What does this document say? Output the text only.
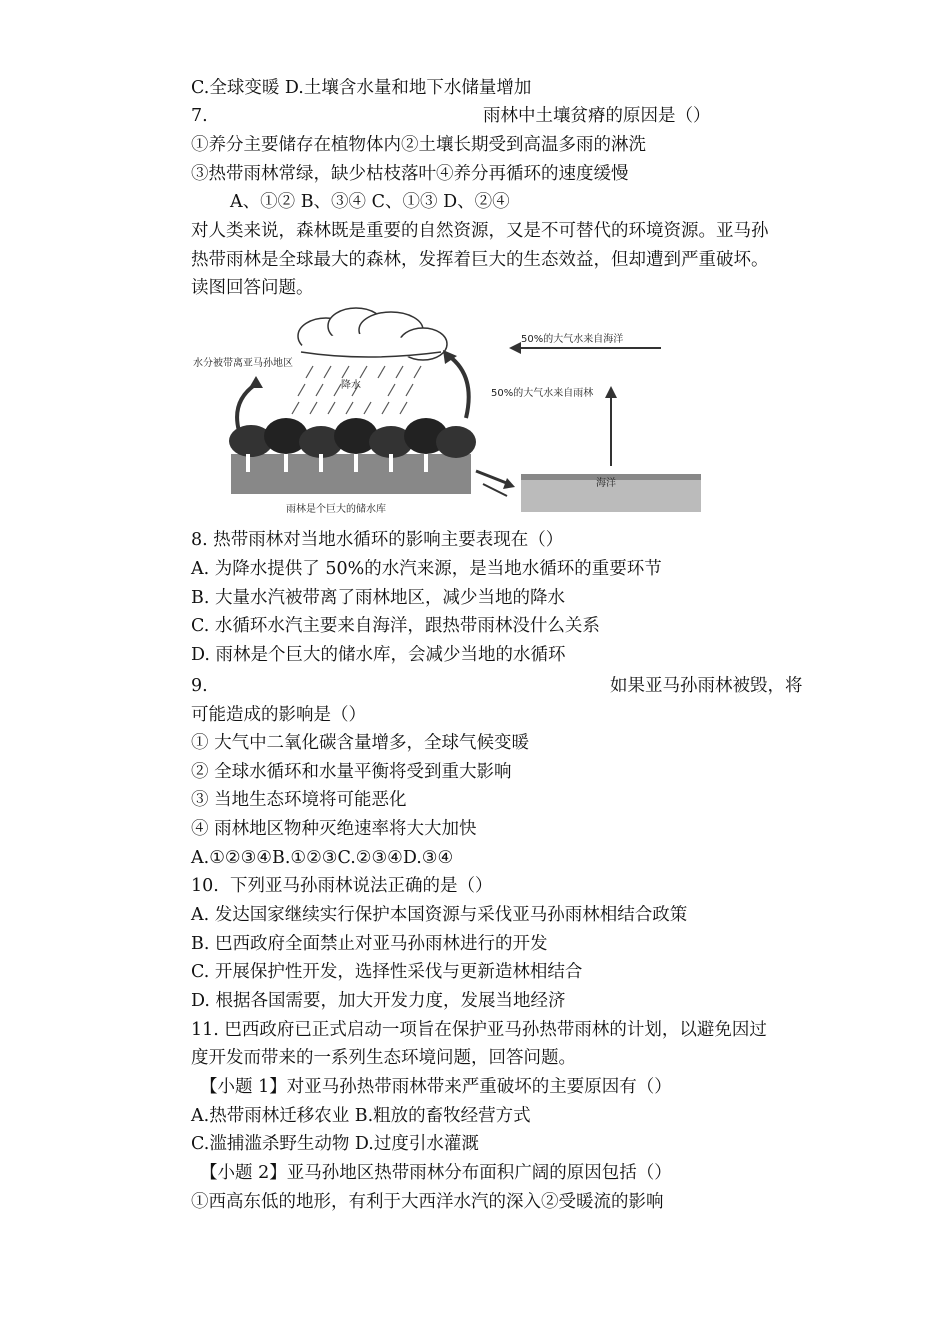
C.全球变暖 D.土壤含水量和地下水储量增加
7.	雨林中土壤贫瘠的原因是（）
①养分主要储存在植物体内②土壤长期受到高温多雨的淋洗
③热带雨林常绿，缺少枯枝落叶④养分再循环的速度缓慢
A、①② B、③④ C、①③ D、②④
对人类来说，森林既是重要的自然资源，又是不可替代的环境资源。亚马孙
热带雨林是全球最大的森林，发挥着巨大的生态效益，但却遭到严重破坏。
读图回答问题。
降水
水分被带离亚马孙地区
50%的大气水来自雨林
50%的大气水来自海洋
海洋
雨林是个巨大的储水库
8. 热带雨林对当地水循环的影响主要表现在（）
A. 为降水提供了 50%的水汽来源，是当地水循环的重要环节
B. 大量水汽被带离了雨林地区，减少当地的降水
C. 水循环水汽主要来自海洋，跟热带雨林没什么关系
D. 雨林是个巨大的储水库，会减少当地的水循环
9.	如果亚马孙雨林被毁，将
可能造成的影响是（）
① 大气中二氧化碳含量增多，全球气候变暖
② 全球水循环和水量平衡将受到重大影响
③ 当地生态环境将可能恶化
④ 雨林地区物种灭绝速率将大大加快
A.①②③④B.①②③C.②③④D.③④
10.  下列亚马孙雨林说法正确的是（）
A. 发达国家继续实行保护本国资源与采伐亚马孙雨林相结合政策
B. 巴西政府全面禁止对亚马孙雨林进行的开发
C. 开展保护性开发，选择性采伐与更新造林相结合
D. 根据各国需要，加大开发力度，发展当地经济
11. 巴西政府已正式启动一项旨在保护亚马孙热带雨林的计划，以避免因过
度开发而带来的一系列生态环境问题，回答问题。
【小题 1】对亚马孙热带雨林带来严重破坏的主要原因有（）
A.热带雨林迁移农业 B.粗放的畜牧经营方式
C.滥捕滥杀野生动物 D.过度引水灌溉
【小题 2】亚马孙地区热带雨林分布面积广阔的原因包括（）
①西高东低的地形，有利于大西洋水汽的深入②受暖流的影响
